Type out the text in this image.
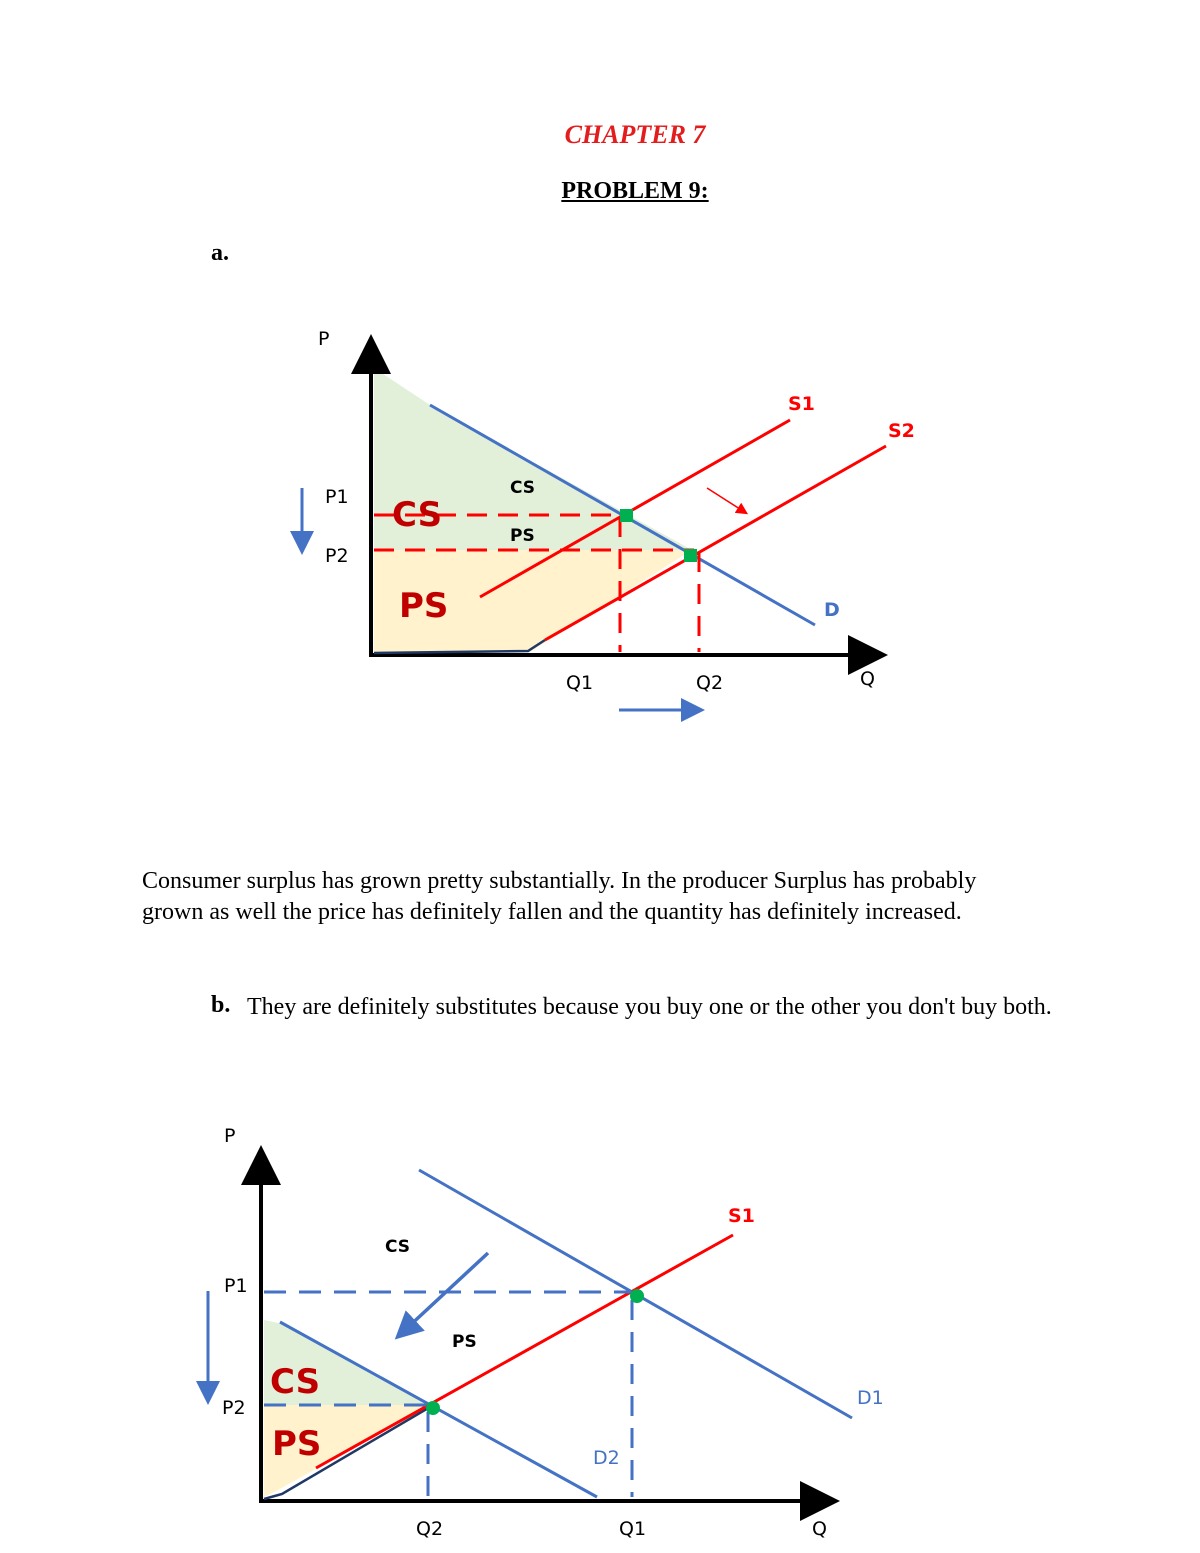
CHAPTER 7
PROBLEM 9:
a.
P
Q
P1
P2
Q1	Q2
S1
S2
D
CS
PS
CS
PS
Consumer surplus has grown pretty substantially. In the producer Surplus has probably grown as well the price has definitely fallen and the quantity has definitely increased.
b. They are definitely substitutes because you buy one or the other you don't buy both.
P
Q
P1
P2
Q2	Q1
S1
D1
D2
CS
PS
CS
PS
